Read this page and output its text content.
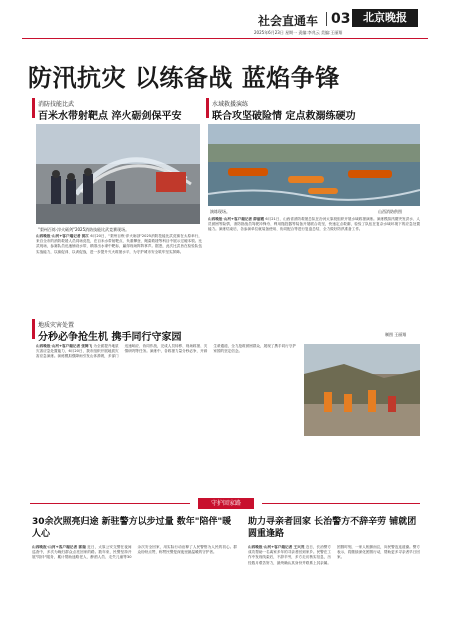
社会直通车 03	北京晚报
2025年6月23日 星期一 责编:李兆云 美编:王丽翔
防汛抗灾 以练备战 蓝焰争锋
消防技能比武
百米水带射靶点 淬火砺剑保平安
"梨州百炼·淬火砺剑"2025消防技能比武竞赛现场。
山西晚报·山河+客户端记者 郭江 6月20日，"梨州百炼·淬火砺剑"2025消防技能比武竞赛在太原举行，来自全市的消防救援人员同场竞技，在百米水带射靶点、负重攀登、绳索救援等科目中展示过硬本领。比武现场，参赛队员迅速铺设水带，精准出水命中靶标，赢得现场阵阵掌声。据悉，此次比武旨在检验队伍实战能力，以赛促训、以训促战，进一步提升灭火救援水平，为守护城市安全筑牢坚实屏障。
水域救援演练
联合攻坚破险情 定点救溺练硬功
演练现场。	山西消防供图
山西晚报·山河+客户端记者 薛丽霞 6月21日，山西省消防救援总队在汾河太原段组织开展水域救援演练。演练模拟汛期突发洪水、人员被困等险情，消防指战员驾驶冲锋舟、利用抛投器等装备开展联合攻坚，快速定点救溺，检验了队伍在复杂水域环境下的应急处置能力。演练结束后，各参演单位就装备使用、协同配合等进行复盘总结，全力做好防汛准备工作。
制图 王丽翔
地质灾害处置
分秒必争抢生机 携手同行守家园
山西晚报·山河+客户端记者 张舞飞 为全面提升地质灾害应急处置能力，6月20日，我市组织开展地质灾害应急演练。演练模拟强降雨引发山体滑坡，多部门迅速响应、协同作战，完成人员转移、现场救援、灾情研判等任务。演练中，各救援力量分秒必争，开辟生命通道，全力抢救被困群众，展现了携手同行守护家园的坚定信念。
守护回家路
30余次照亮归途 新驻警方以步过量 数年"陪伴"暖人心
山西晚报·山河+客户端记者 郭瑞 近日，太原公安交警在夜间巡查中，多次为晚归群众点亮回家的路。数年来，民警坚持开展"陪伴"服务，累计帮助迷路老人、醉酒人员、走失儿童等30余次安全回家，用实际行动诠释了人民警察为人民的初心。群众纷纷点赞，称赞民警是深夜里最温暖的守护者。
助力寻亲者回家 长治警方不辞辛劳 铺就团圆重逢路
山西晚报·山河+客户端记者 王兴茂 近日，长治警方成功帮助一名离家多年的寻亲者回到家乡。民警在工作中发现线索后，不辞辛劳，多方走访核实信息，历经数月艰苦努力，最终确认其身份并联系上其亲属。团圆时刻，一家人相拥而泣，向民警连连道谢。警方表示，将继续深化团圆行动，帮助更多寻亲者早日回家。
